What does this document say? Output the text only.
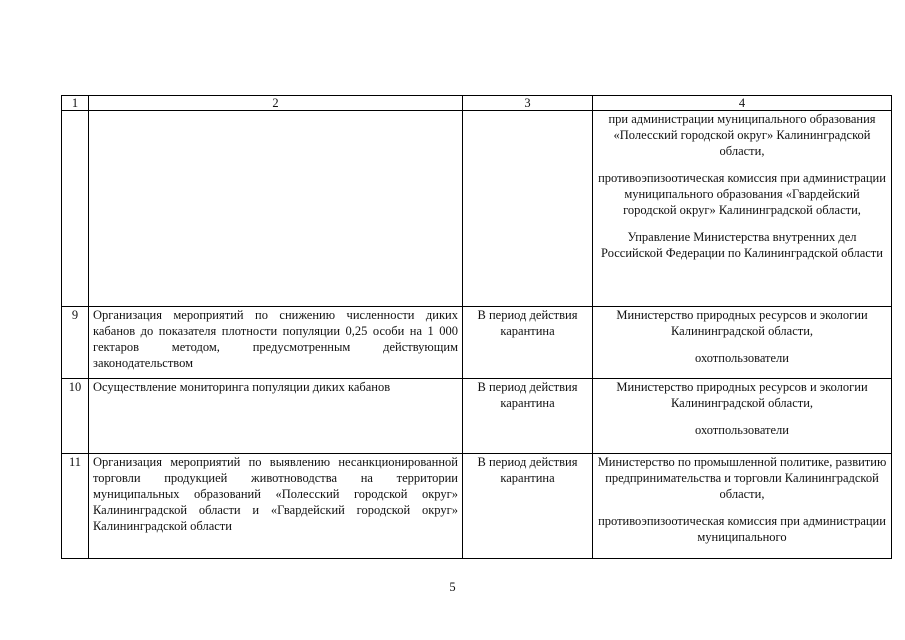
1	2	3	4

			при администрации муниципального образования «Полесский городской округ» Калининградской области,
противоэпизоотическая комиссия при администрации муниципального образования «Гвардейский городской округ» Калининградской области,
Управление Министерства внутренних дел Российской Федерации по Калининградской области

9	Организация мероприятий по снижению численности диких кабанов до показателя плотности популяции 0,25 особи на 1 000 гектаров методом, предусмотренным действующим законодательством	В период действия карантина	Министерство природных ресурсов и экологии Калининградской области,
охотпользователи

10	Осуществление мониторинга популяции диких кабанов	В период действия карантина	Министерство природных ресурсов и экологии Калининградской области,
охотпользователи

11	Организация мероприятий по выявлению несанкционированной торговли продукцией животноводства на территории муниципальных образований «Полесский городской округ» Калининградской области и «Гвардейский городской округ» Калининградской области	В период действия карантина	Министерство по промышленной политике, развитию предпринимательства и торговли Калининградской области,
противоэпизоотическая комиссия при администрации муниципального
5
